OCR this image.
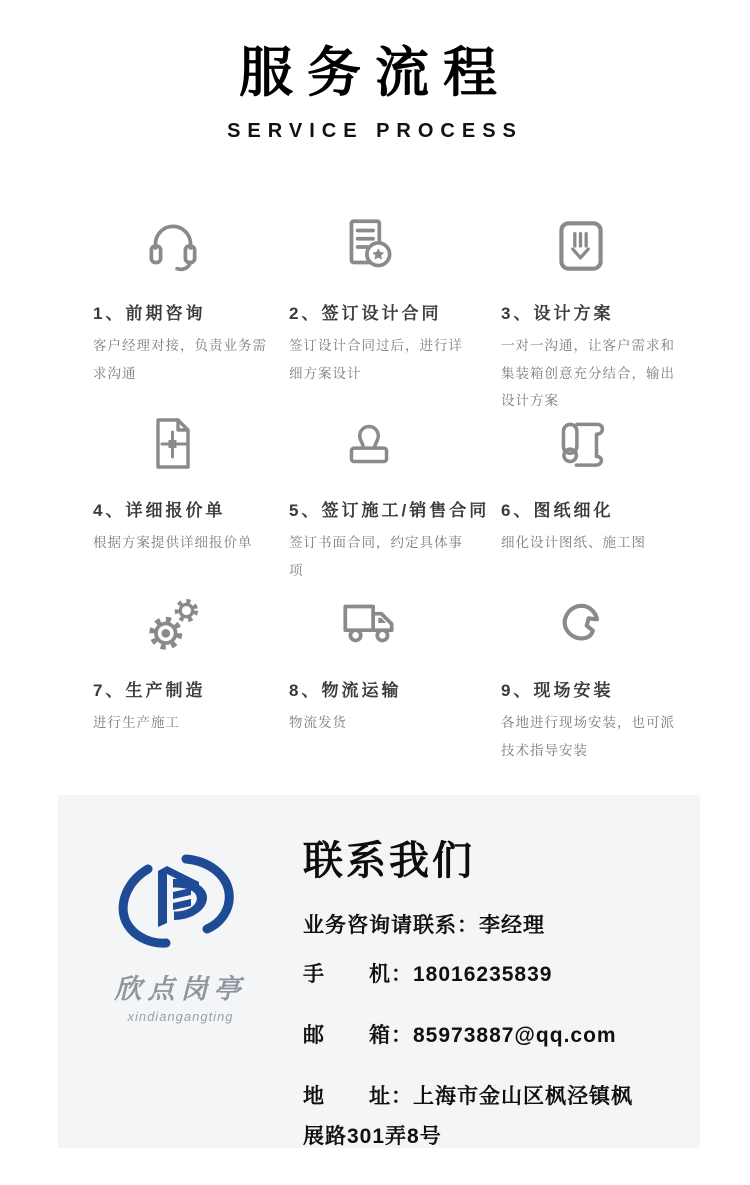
服务流程
SERVICE PROCESS
1、前期咨询
客户经理对接，负责业务需求沟通
2、签订设计合同
签订设计合同过后，进行详细方案设计
3、设计方案
一对一沟通，让客户需求和集装箱创意充分结合，输出设计方案
4、详细报价单
根据方案提供详细报价单
5、签订施工/销售合同
签订书面合同，约定具体事项
6、图纸细化
细化设计图纸、施工图
7、生产制造
进行生产施工
8、物流运输
物流发货
9、现场安装
各地进行现场安装，也可派技术指导安装
欣点岗亭
xindiangangting
联系我们
业务咨询请联系：李经理

手　　机：18016235839

邮　　箱：85973887@qq.com

地　　址：上海市金山区枫泾镇枫展路301弄8号
